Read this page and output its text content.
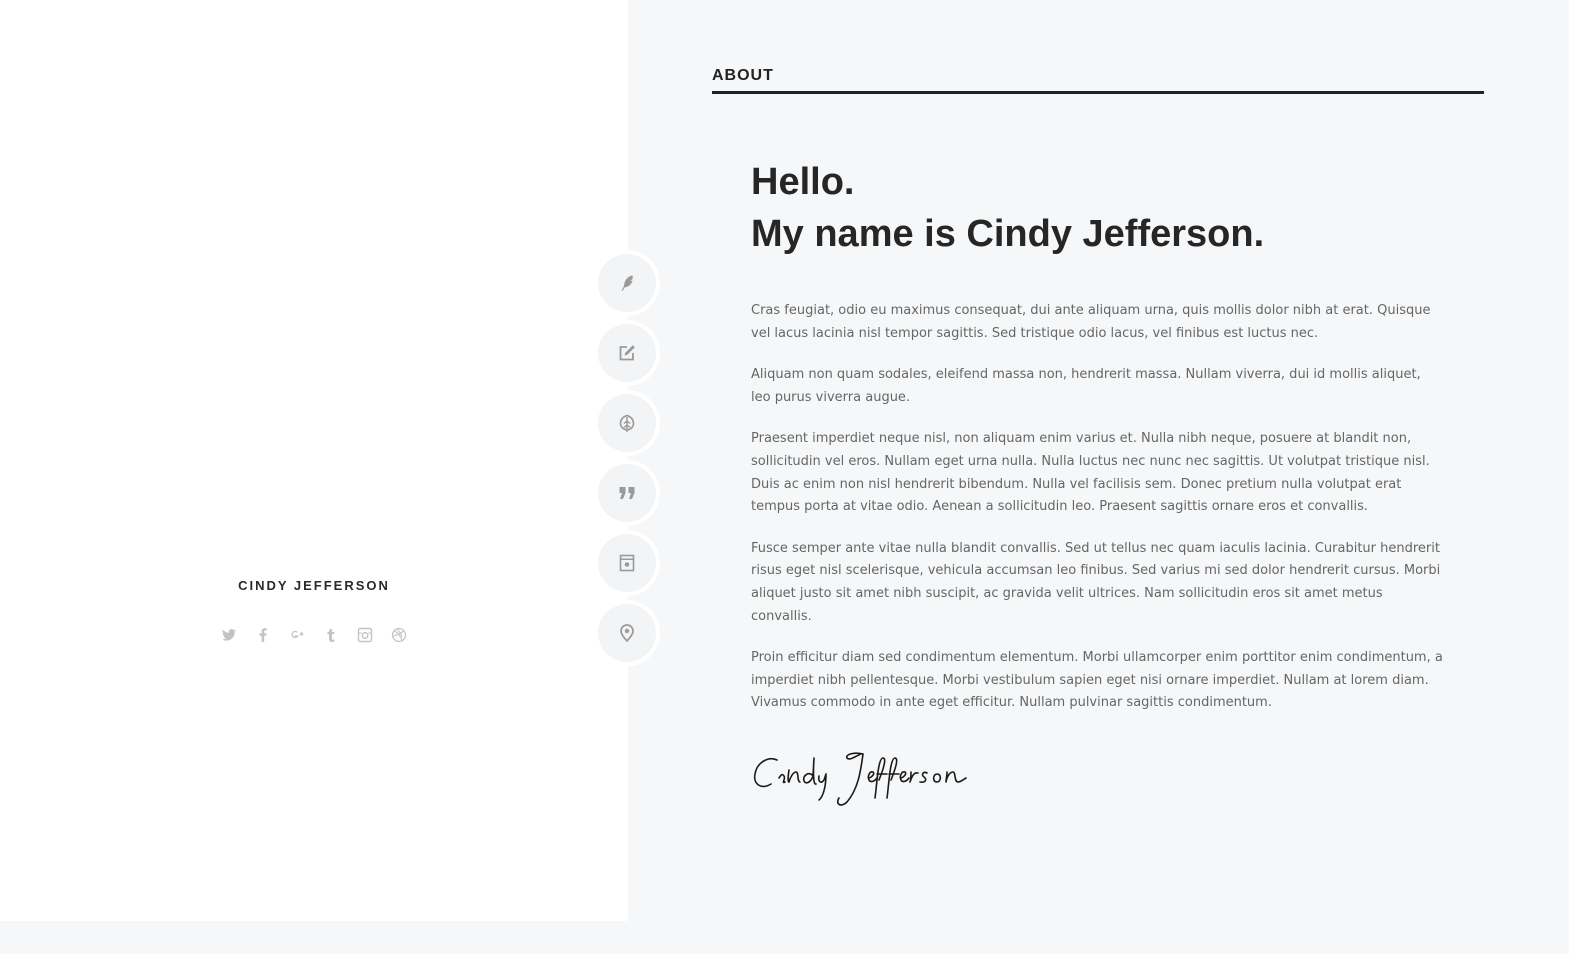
CINDY JEFFERSON
ABOUT
Hello.
My name is Cindy Jefferson.

Cras feugiat, odio eu maximus consequat, dui ante aliquam urna, quis mollis dolor nibh at erat. Quisque vel lacus lacinia nisl tempor sagittis. Sed tristique odio lacus, vel finibus est luctus nec.

Aliquam non quam sodales, eleifend massa non, hendrerit massa. Nullam viverra, dui id mollis aliquet, leo purus viverra augue.

Praesent imperdiet neque nisl, non aliquam enim varius et. Nulla nibh neque, posuere at blandit non, sollicitudin vel eros. Nullam eget urna nulla. Nulla luctus nec nunc nec sagittis. Ut volutpat tristique nisl. Duis ac enim non nisl hendrerit bibendum. Nulla vel facilisis sem. Donec pretium nulla volutpat erat tempus porta at vitae odio. Aenean a sollicitudin leo. Praesent sagittis ornare eros et convallis.

Fusce semper ante vitae nulla blandit convallis. Sed ut tellus nec quam iaculis lacinia. Curabitur hendrerit risus eget nisl scelerisque, vehicula accumsan leo finibus. Sed varius mi sed dolor hendrerit cursus. Morbi aliquet justo sit amet nibh suscipit, ac gravida velit ultrices. Nam sollicitudin eros sit amet metus convallis.

Proin efficitur diam sed condimentum elementum. Morbi ullamcorper enim porttitor enim condimentum, a imperdiet nibh pellentesque. Morbi vestibulum sapien eget nisi ornare imperdiet. Nullam at lorem diam. Vivamus commodo in ante eget efficitur. Nullam pulvinar sagittis condimentum.
